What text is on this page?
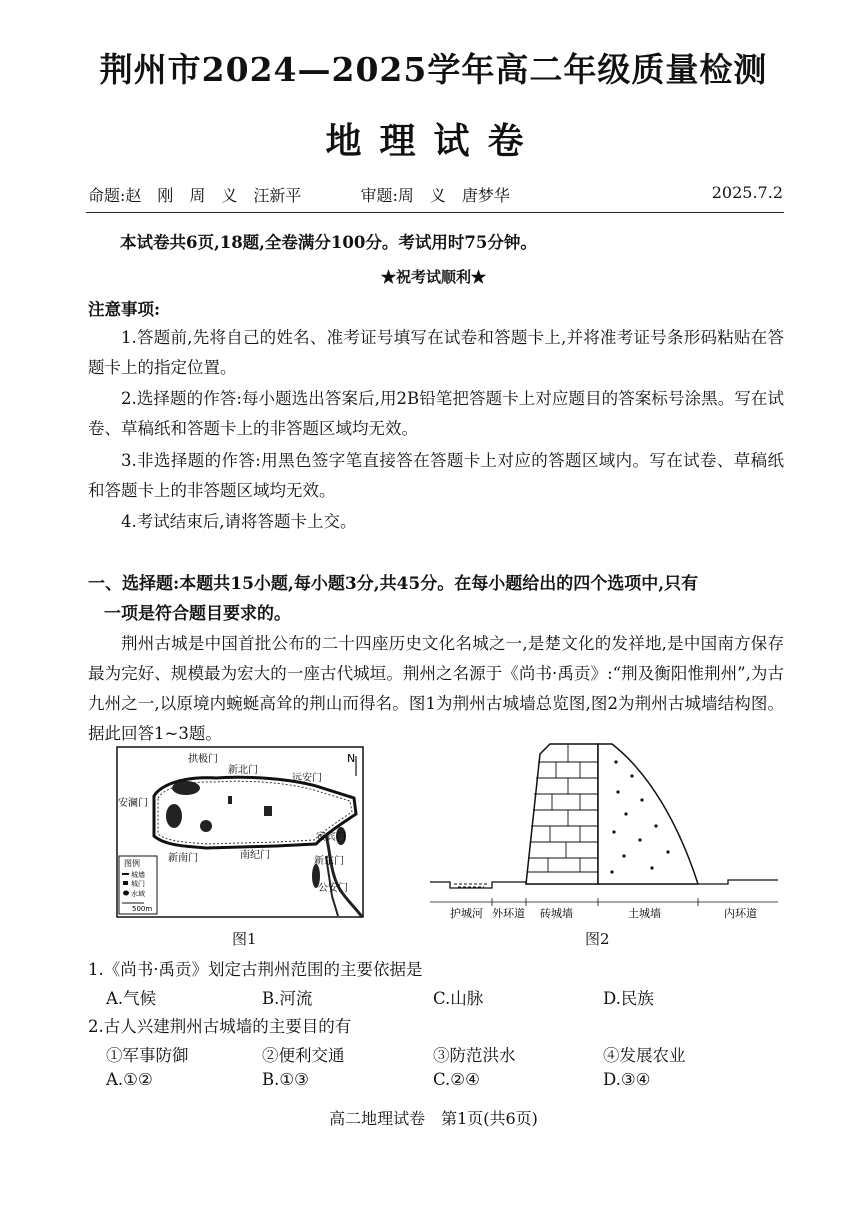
荆州市2024—2025学年高二年级质量检测
地理试卷
命题:赵　刚　周　义　汪新平	审题:周　义　唐梦华	2025.7.2
本试卷共6页,18题,全卷满分100分。考试用时75分钟。
★祝考试顺利★
注意事项:
1.答题前,先将自己的姓名、准考证号填写在试卷和答题卡上,并将准考证号条形码粘贴在答题卡上的指定位置。
2.选择题的作答:每小题选出答案后,用2B铅笔把答题卡上对应题目的答案标号涂黑。写在试卷、草稿纸和答题卡上的非答题区域均无效。
3.非选择题的作答:用黑色签字笔直接答在答题卡上对应的答题区域内。写在试卷、草稿纸和答题卡上的非答题区域均无效。
4.考试结束后,请将答题卡上交。
一、选择题:本题共15小题,每小题3分,共45分。在每小题给出的四个选项中,只有
一项是符合题目要求的。
荆州古城是中国首批公布的二十四座历史文化名城之一,是楚文化的发祥地,是中国南方保存最为完好、规模最为宏大的一座古代城垣。荆州之名源于《尚书·禹贡》:“荆及衡阳惟荆州”,为古九州之一,以原境内蜿蜒高耸的荆山而得名。图1为荆州古城墙总览图,图2为荆州古城墙结构图。据此回答1~3题。
拱极门
新北门
远安门
安澜门
寅宾门
新东门
新南门	南纪门
公安门
N
图例
城墙
城门
水域
500m
图1
护城河 外环道 砖城墙	土城墙	内环道
图2
1.《尚书·禹贡》划定古荆州范围的主要依据是
A.气候	B.河流	C.山脉	D.民族
2.古人兴建荆州古城墙的主要目的有
①军事防御	②便利交通	③防范洪水	④发展农业
A.①②	B.①③	C.②④	D.③④
高二地理试卷　第1页(共6页)
